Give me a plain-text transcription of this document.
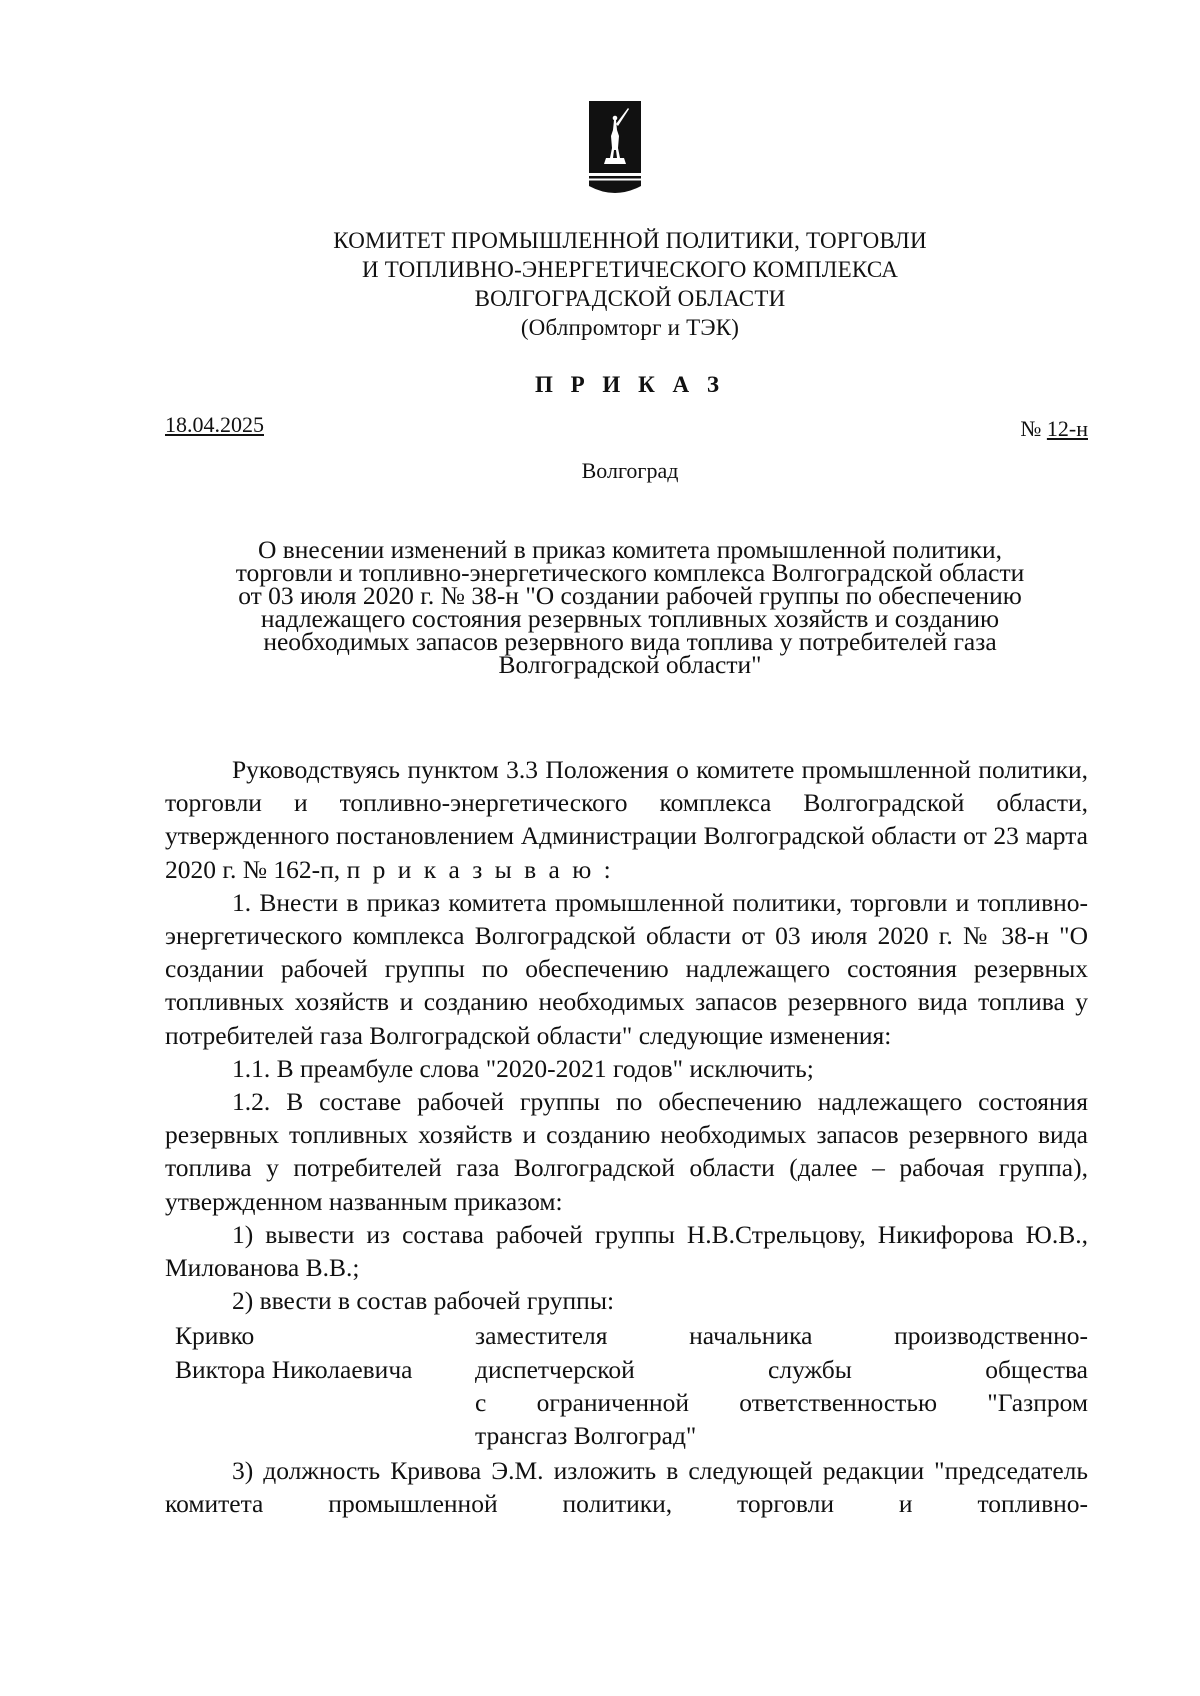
КОМИТЕТ ПРОМЫШЛЕННОЙ ПОЛИТИКИ, ТОРГОВЛИ
И ТОПЛИВНО-ЭНЕРГЕТИЧЕСКОГО КОМПЛЕКСА
ВОЛГОГРАДСКОЙ ОБЛАСТИ
(Облпромторг и ТЭК)
П Р И К А З
18.04.2025	№ 12-н
Волгоград
О внесении изменений в приказ комитета промышленной политики,
торговли и топливно-энергетического комплекса Волгоградской области
от 03 июля 2020 г. № 38-н "О создании рабочей группы по обеспечению
надлежащего состояния резервных топливных хозяйств и созданию
необходимых запасов резервного вида топлива у потребителей газа
Волгоградской области"
Руководствуясь пунктом 3.3 Положения о комитете промышленной политики, торговли и топливно-энергетического комплекса Волгоградской области, утвержденного постановлением Администрации Волгоградской области от 23 марта 2020 г. № 162-п, п р и к а з ы в а ю :
1. Внести в приказ комитета промышленной политики, торговли и топливно-энергетического комплекса Волгоградской области от 03 июля 2020 г. № 38-н "О создании рабочей группы по обеспечению надлежащего состояния резервных топливных хозяйств и созданию необходимых запасов резервного вида топлива у потребителей газа Волгоградской области" следующие изменения:
1.1. В преамбуле слова "2020-2021 годов" исключить;
1.2. В составе рабочей группы по обеспечению надлежащего состояния резервных топливных хозяйств и созданию необходимых запасов резервного вида топлива у потребителей газа Волгоградской области (далее – рабочая группа), утвержденном названным приказом:
1) вывести из состава рабочей группы Н.В.Стрельцову, Никифорова Ю.В., Милованова В.В.;
2) ввести в состав рабочей группы:
Кривко
Виктора Николаевича
заместителя начальника производственно-
диспетчерской службы общества
с ограниченной ответственностью "Газпром
трансгаз Волгоград"
3) должность Кривова Э.М. изложить в следующей редакции "председатель комитета промышленной политики, торговли и топливно-
